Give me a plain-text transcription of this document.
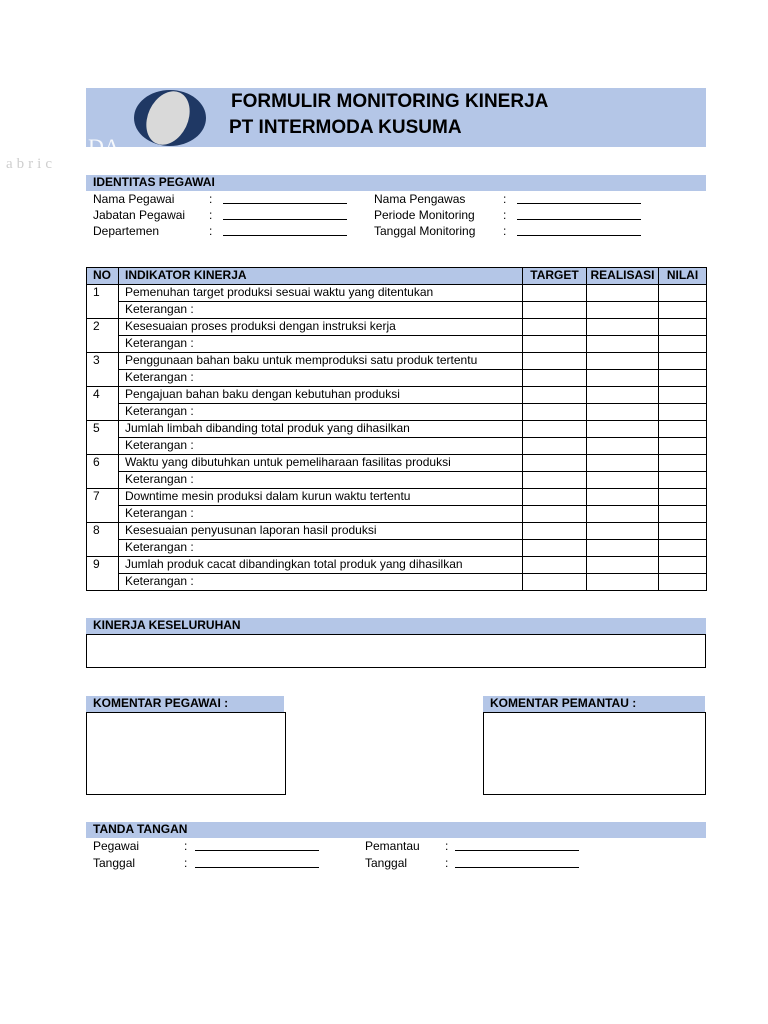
DA
abric
FORMULIR MONITORING KINERJA
PT INTERMODA KUSUMA
IDENTITAS PEGAWAI
Nama Pegawai	:
Jabatan Pegawai :
Departemen	:
Nama Pengawas	:
Periode Monitoring :
Tanggal Monitoring :
NO	INDIKATOR KINERJA	TARGET	REALISASI	NILAI
1	Pemenuhan target produksi sesuai waktu yang ditentukan			
	Keterangan :			
2	Kesesuaian proses produksi dengan instruksi kerja			
	Keterangan :			
3	Penggunaan bahan baku untuk memproduksi satu produk tertentu			
	Keterangan :			
4	Pengajuan bahan baku dengan kebutuhan produksi			
	Keterangan :			
5	Jumlah limbah dibanding total produk yang dihasilkan			
	Keterangan :			
6	Waktu yang dibutuhkan untuk pemeliharaan fasilitas produksi			
	Keterangan :			
7	Downtime mesin produksi dalam kurun waktu tertentu			
	Keterangan :			
8	Kesesuaian penyusunan laporan hasil produksi			
	Keterangan :			
9	Jumlah produk cacat dibandingkan total produk yang dihasilkan			
	Keterangan :			
KINERJA KESELURUHAN
KOMENTAR PEGAWAI :	KOMENTAR PEMANTAU :
TANDA TANGAN
Pegawai	:
Tanggal	:
Pemantau :
Tanggal	:
